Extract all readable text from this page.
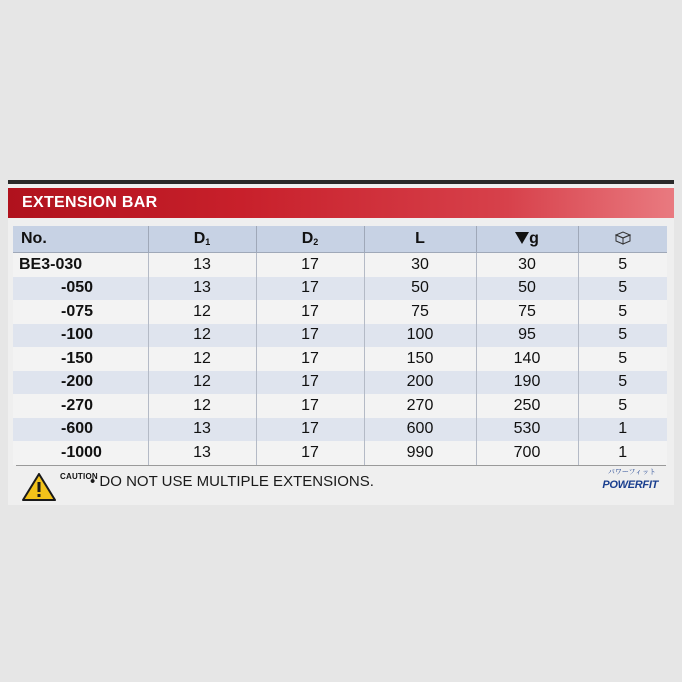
EXTENSION BAR
No.	$D_1$	$D_2$	L	g	
BE3-030	13	17	30	30	5
-050	13	17	50	50	5
-075	12	17	75	75	5
-100	12	17	100	95	5
-150	12	17	150	140	5
-200	12	17	200	190	5
-270	12	17	270	250	5
-600	13	17	600	530	1
-1000	13	17	990	700	1
CAUTION
• DO NOT USE MULTIPLE EXTENSIONS.
パワーフィット
POWERFIT
